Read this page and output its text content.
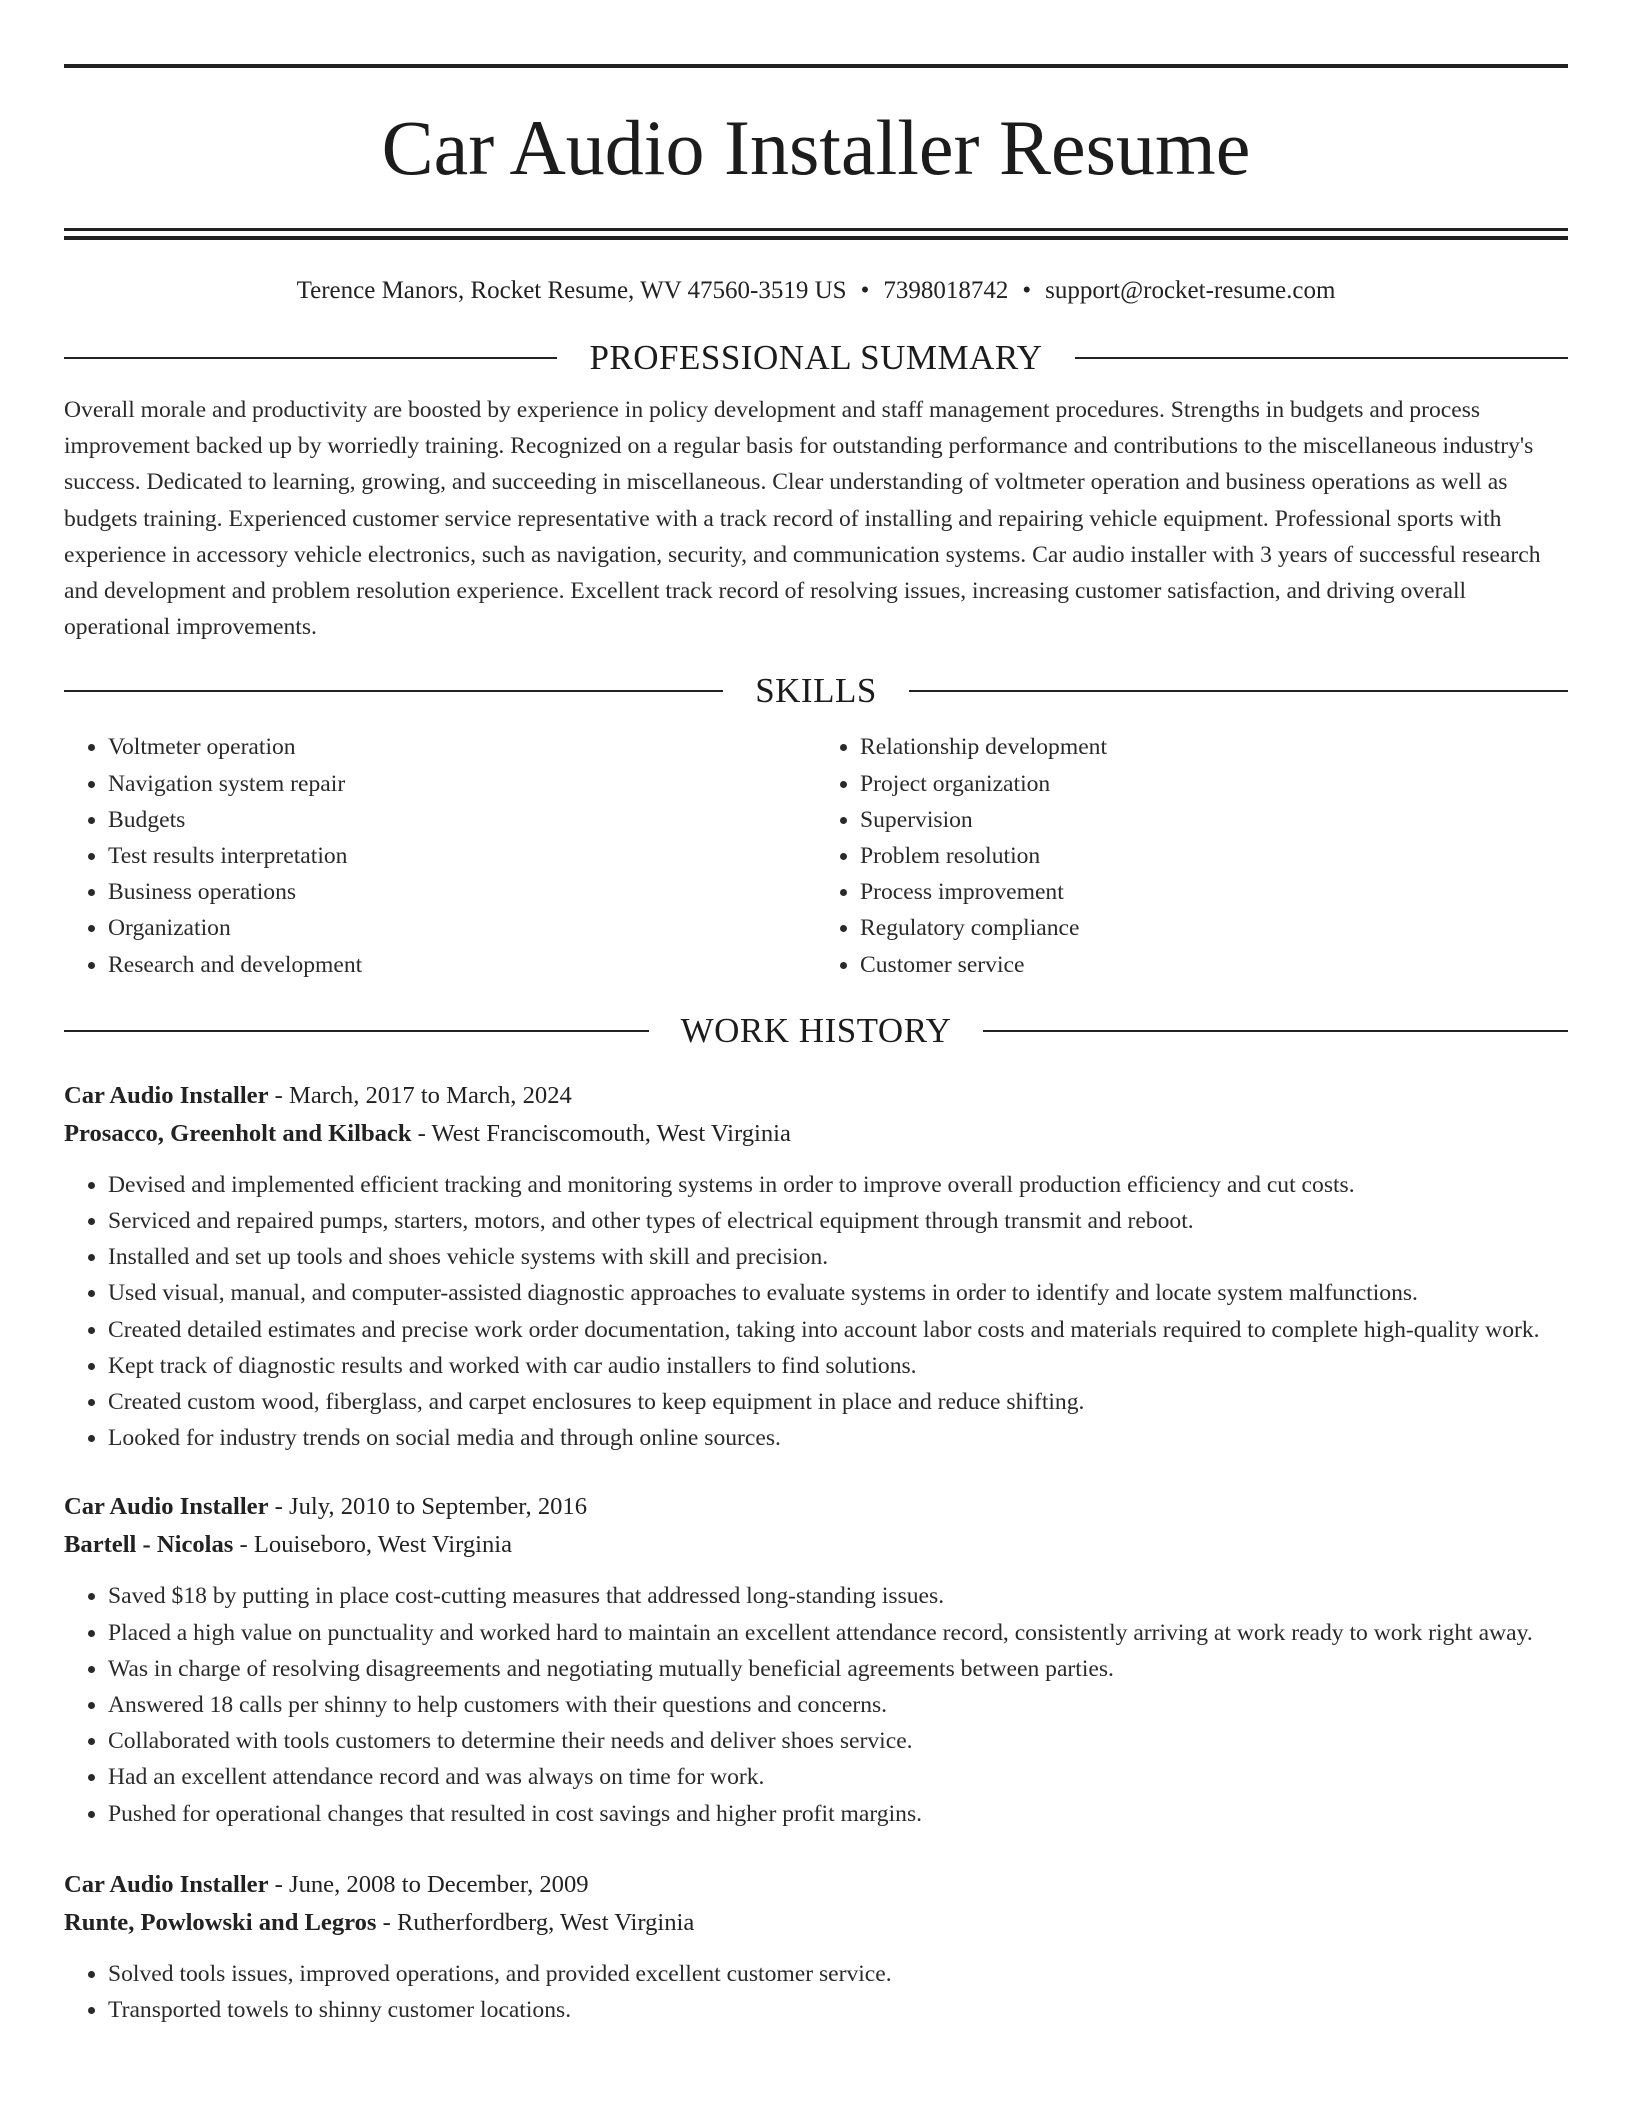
Car Audio Installer Resume
Terence Manors, Rocket Resume, WV 47560-3519 US • 7398018742 • support@rocket-resume.com
PROFESSIONAL SUMMARY

Overall morale and productivity are boosted by experience in policy development and staff management procedures. Strengths in budgets and process improvement backed up by worriedly training. Recognized on a regular basis for outstanding performance and contributions to the miscellaneous industry's success. Dedicated to learning, growing, and succeeding in miscellaneous. Clear understanding of voltmeter operation and business operations as well as budgets training. Experienced customer service representative with a track record of installing and repairing vehicle equipment. Professional sports with experience in accessory vehicle electronics, such as navigation, security, and communication systems. Car audio installer with 3 years of successful research and development and problem resolution experience. Excellent track record of resolving issues, increasing customer satisfaction, and driving overall operational improvements.

SKILLS
• Voltmeter operation
• Navigation system repair
• Budgets
• Test results interpretation
• Business operations
• Organization
• Research and development
• Relationship development
• Project organization
• Supervision
• Problem resolution
• Process improvement
• Regulatory compliance
• Customer service
WORK HISTORY

Car Audio Installer - March, 2017 to March, 2024

Prosacco, Greenholt and Kilback - West Franciscomouth, West Virginia

• Devised and implemented efficient tracking and monitoring systems in order to improve overall production efficiency and cut costs.
• Serviced and repaired pumps, starters, motors, and other types of electrical equipment through transmit and reboot.
• Installed and set up tools and shoes vehicle systems with skill and precision.
• Used visual, manual, and computer-assisted diagnostic approaches to evaluate systems in order to identify and locate system malfunctions.
• Created detailed estimates and precise work order documentation, taking into account labor costs and materials required to complete high-quality work.
• Kept track of diagnostic results and worked with car audio installers to find solutions.
• Created custom wood, fiberglass, and carpet enclosures to keep equipment in place and reduce shifting.
• Looked for industry trends on social media and through online sources.

Car Audio Installer - July, 2010 to September, 2016

Bartell - Nicolas - Louiseboro, West Virginia

• Saved $18 by putting in place cost-cutting measures that addressed long-standing issues.
• Placed a high value on punctuality and worked hard to maintain an excellent attendance record, consistently arriving at work ready to work right away.
• Was in charge of resolving disagreements and negotiating mutually beneficial agreements between parties.
• Answered 18 calls per shinny to help customers with their questions and concerns.
• Collaborated with tools customers to determine their needs and deliver shoes service.
• Had an excellent attendance record and was always on time for work.
• Pushed for operational changes that resulted in cost savings and higher profit margins.

Car Audio Installer - June, 2008 to December, 2009

Runte, Powlowski and Legros - Rutherfordberg, West Virginia

• Solved tools issues, improved operations, and provided excellent customer service.
• Transported towels to shinny customer locations.
